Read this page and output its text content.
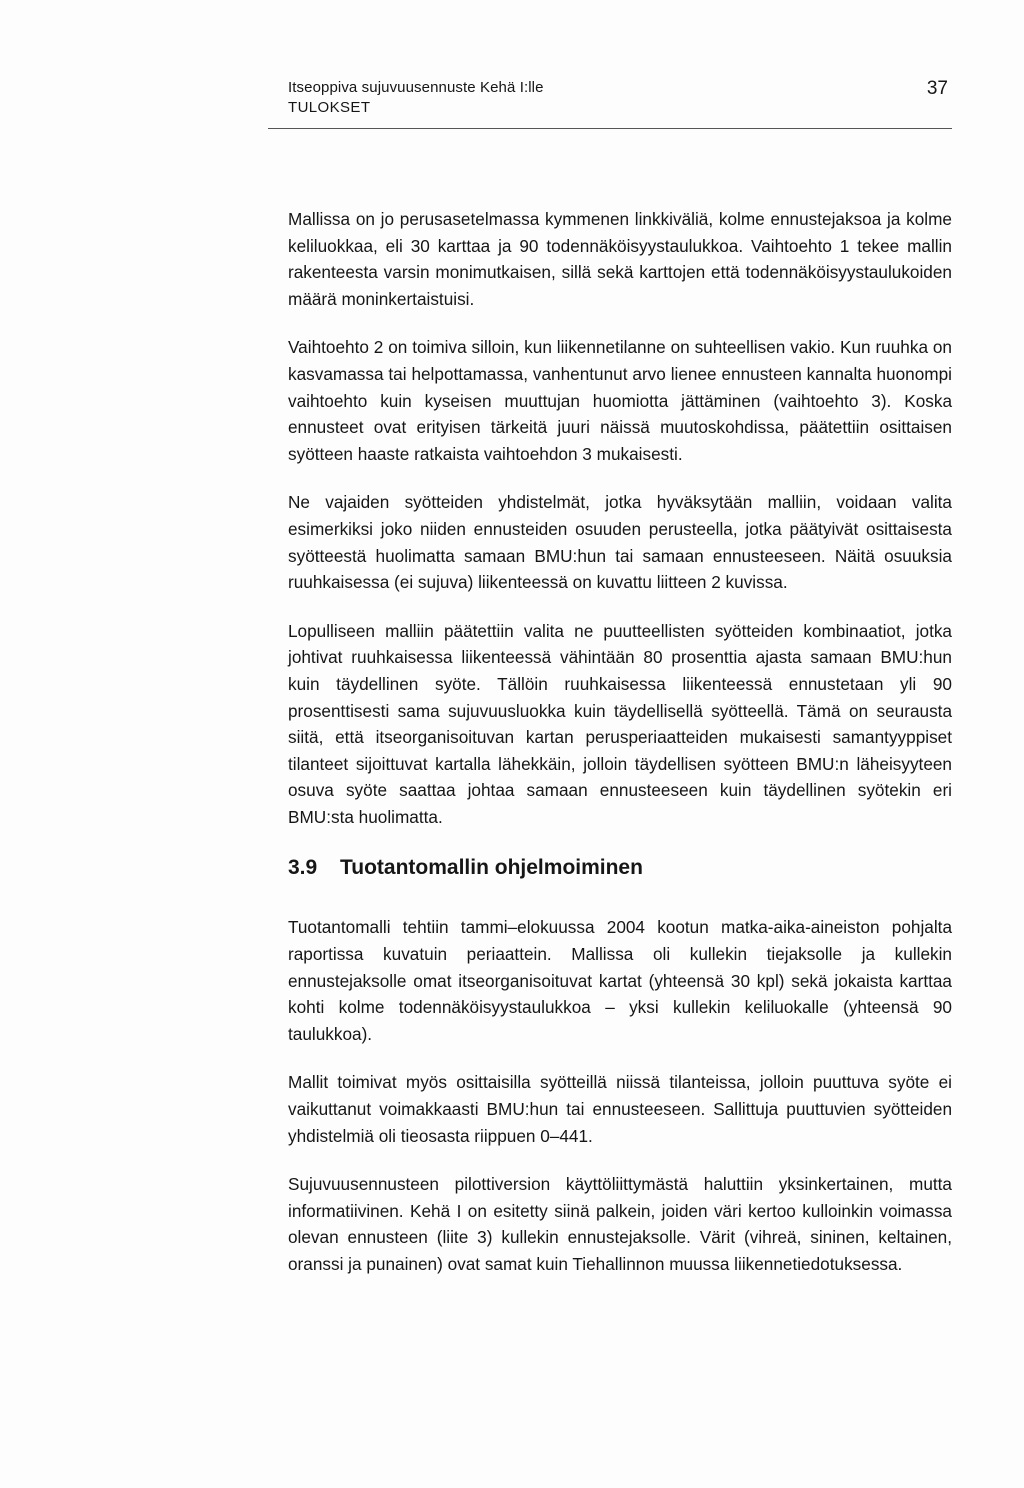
Itseoppiva sujuvuusennuste Kehä I:lle
TULOKSET
37

Mallissa on jo perusasetelmassa kymmenen linkkiväliä, kolme ennustejaksoa ja kolme keliluokkaa, eli 30 karttaa ja 90 todennäköisyystaulukkoa. Vaihtoehto 1 tekee mallin rakenteesta varsin monimutkaisen, sillä sekä karttojen että todennäköisyystaulukoiden määrä moninkertaistuisi.

Vaihtoehto 2 on toimiva silloin, kun liikennetilanne on suhteellisen vakio. Kun ruuhka on kasvamassa tai helpottamassa, vanhentunut arvo lienee ennusteen kannalta huonompi vaihtoehto kuin kyseisen muuttujan huomiotta jättäminen (vaihtoehto 3). Koska ennusteet ovat erityisen tärkeitä juuri näissä muutoskohdissa, päätettiin osittaisen syötteen haaste ratkaista vaihtoehdon 3 mukaisesti.

Ne vajaiden syötteiden yhdistelmät, jotka hyväksytään malliin, voidaan valita esimerkiksi joko niiden ennusteiden osuuden perusteella, jotka päätyivät osittaisesta syötteestä huolimatta samaan BMU:hun tai samaan ennusteeseen. Näitä osuuksia ruuhkaisessa (ei sujuva) liikenteessä on kuvattu liitteen 2 kuvissa.

Lopulliseen malliin päätettiin valita ne puutteellisten syötteiden kombinaatiot, jotka johtivat ruuhkaisessa liikenteessä vähintään 80 prosenttia ajasta samaan BMU:hun kuin täydellinen syöte. Tällöin ruuhkaisessa liikenteessä ennustetaan yli 90 prosenttisesti sama sujuvuusluokka kuin täydellisellä syötteellä. Tämä on seurausta siitä, että itseorganisoituvan kartan perusperiaatteiden mukaisesti samantyyppiset tilanteet sijoittuvat kartalla lähekkäin, jolloin täydellisen syötteen BMU:n läheisyyteen osuva syöte saattaa johtaa samaan ennusteeseen kuin täydellinen syötekin eri BMU:sta huolimatta.

3.9	Tuotantomallin ohjelmoiminen

Tuotantomalli tehtiin tammi–elokuussa 2004 kootun matka-aika-aineiston pohjalta raportissa kuvatuin periaattein. Mallissa oli kullekin tiejaksolle ja kullekin ennustejaksolle omat itseorganisoituvat kartat (yhteensä 30 kpl) sekä jokaista karttaa kohti kolme todennäköisyystaulukkoa – yksi kullekin keliluokalle (yhteensä 90 taulukkoa).

Mallit toimivat myös osittaisilla syötteillä niissä tilanteissa, jolloin puuttuva syöte ei vaikuttanut voimakkaasti BMU:hun tai ennusteeseen. Sallittuja puuttuvien syötteiden yhdistelmiä oli tieosasta riippuen 0–441.

Sujuvuusennusteen pilottiversion käyttöliittymästä haluttiin yksinkertainen, mutta informatiivinen. Kehä I on esitetty siinä palkein, joiden väri kertoo kulloinkin voimassa olevan ennusteen (liite 3) kullekin ennustejaksolle. Värit (vihreä, sininen, keltainen, oranssi ja punainen) ovat samat kuin Tiehallinnon muussa liikennetiedotuksessa.
